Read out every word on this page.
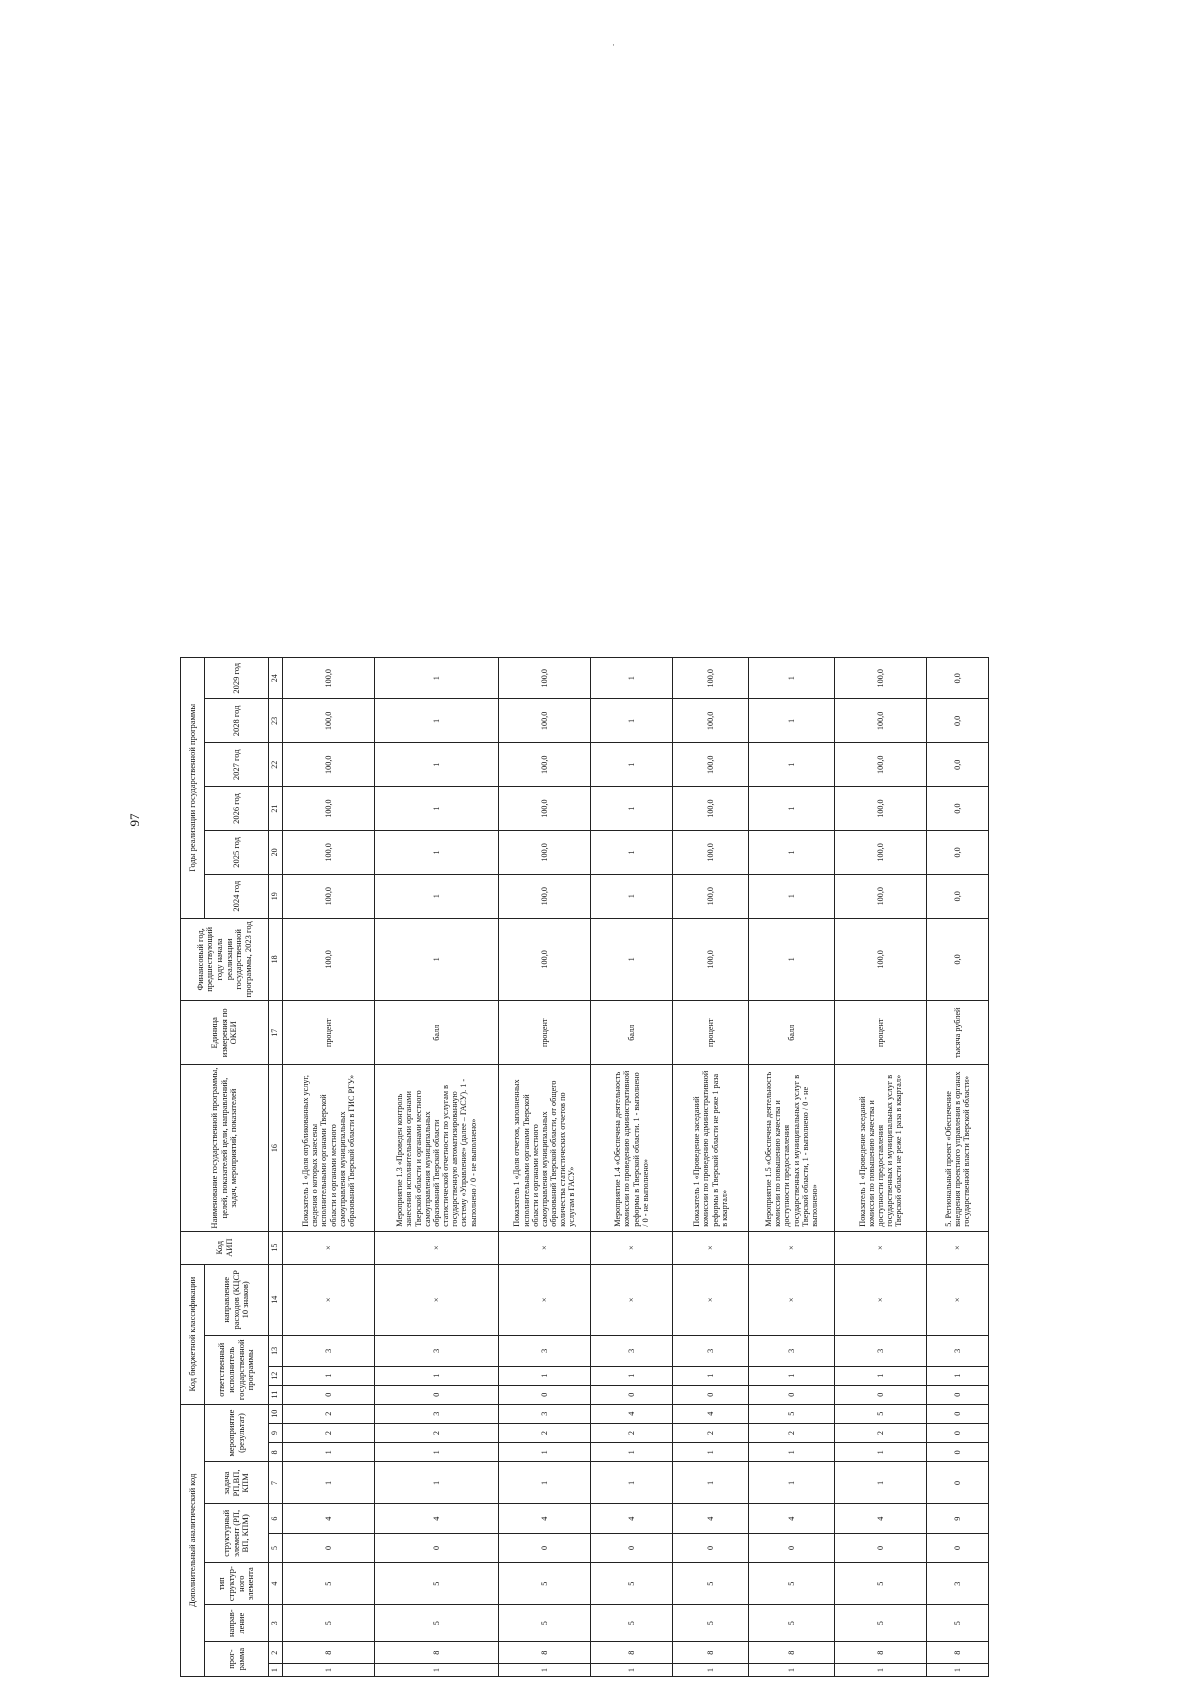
97
Дополнительный аналитический код										Код бюджетной классификации				Код АИП	Наименование государственной программы, целей, показателей цели, направлений, задач, мероприятий, показателей	Единица измерения по ОКЕИ	Финансовый год, предшествующий году начала реализации государственной программы, 2023 год	Годы реализации государственной программы					
прог-рамма		направ-ление	тип структур-ного элемента	структурный элемент (РП, ВП, КПМ)		задача РП,ВП, КПМ	мероприятие (результат)			ответственный исполнитель государственной программы			направление расходов (КЦСР 10 знаков)					2024 год	2025 год	2026 год	2027 год	2028 год	2029 год
1	2	3	4	5	6	7	8	9	10	11	12	13	14	15	16	17	18	19	20	21	22	23	24
1	8	5	5	0	4	1	1	2	2	0	1	3	×	×	Показатель 1 «Доля опубликованных услуг, сведения о которых занесены исполнительными органами Тверской области и органами местного самоуправления муниципальных образований Тверской области в ГИС РГУ»	процент	100,0	100,0	100,0	100,0	100,0	100,0	100,0
1	8	5	5	0	4	1	1	2	3	0	1	3	×	×	Мероприятие 1.3 «Проведен контроль занесения исполнительными органами Тверской области и органами местного самоуправления муниципальных образований Тверской области статистической отчетности по услугам в государственную автоматизированную систему «Управление» (далее – ГАСУ). 1 - выполнено / 0 - не выполнено»	балл	1	1	1	1	1	1	1
1	8	5	5	0	4	1	1	2	3	0	1	3	×	×	Показатель 1 «Доля отчетов, заполненных исполнительными органами Тверской области и органами местного самоуправления муниципальных образований Тверской области, от общего количества статистических отчетов по услугам в ГАСУ»	процент	100,0	100,0	100,0	100,0	100,0	100,0	100,0
1	8	5	5	0	4	1	1	2	4	0	1	3	×	×	Мероприятие 1.4 «Обеспечена деятельность комиссии по проведению административной реформы в Тверской области. 1 - выполнено / 0 - не выполнено»	балл	1	1	1	1	1	1	1
1	8	5	5	0	4	1	1	2	4	0	1	3	×	×	Показатель 1 «Проведение заседаний комиссии по проведению административной реформы в Тверской области не реже 1 раза в квартал»	процент	100,0	100,0	100,0	100,0	100,0	100,0	100,0
1	8	5	5	0	4	1	1	2	5	0	1	3	×	×	Мероприятие 1.5 «Обеспечена деятельность комиссии по повышению качества и доступности предоставления государственных и муниципальных услуг в Тверской области, 1 - выполнено / 0 - не выполнено»	балл	1	1	1	1	1	1	1
1	8	5	5	0	4	1	1	2	5	0	1	3	×	×	Показатель 1 «Проведение заседаний комиссии по повышению качества и доступности предоставления государственных и муниципальных услуг в Тверской области не реже 1 раза в квартал»	процент	100,0	100,0	100,0	100,0	100,0	100,0	100,0
1	8	5	3	0	9	0	0	0	0	0	1	3	×	×	5. Региональный проект «Обеспечение внедрения проектного управления в органах государственной власти Тверской области»	тысяча рублей	0,0	0,0	0,0	0,0	0,0	0,0	0,0
·
